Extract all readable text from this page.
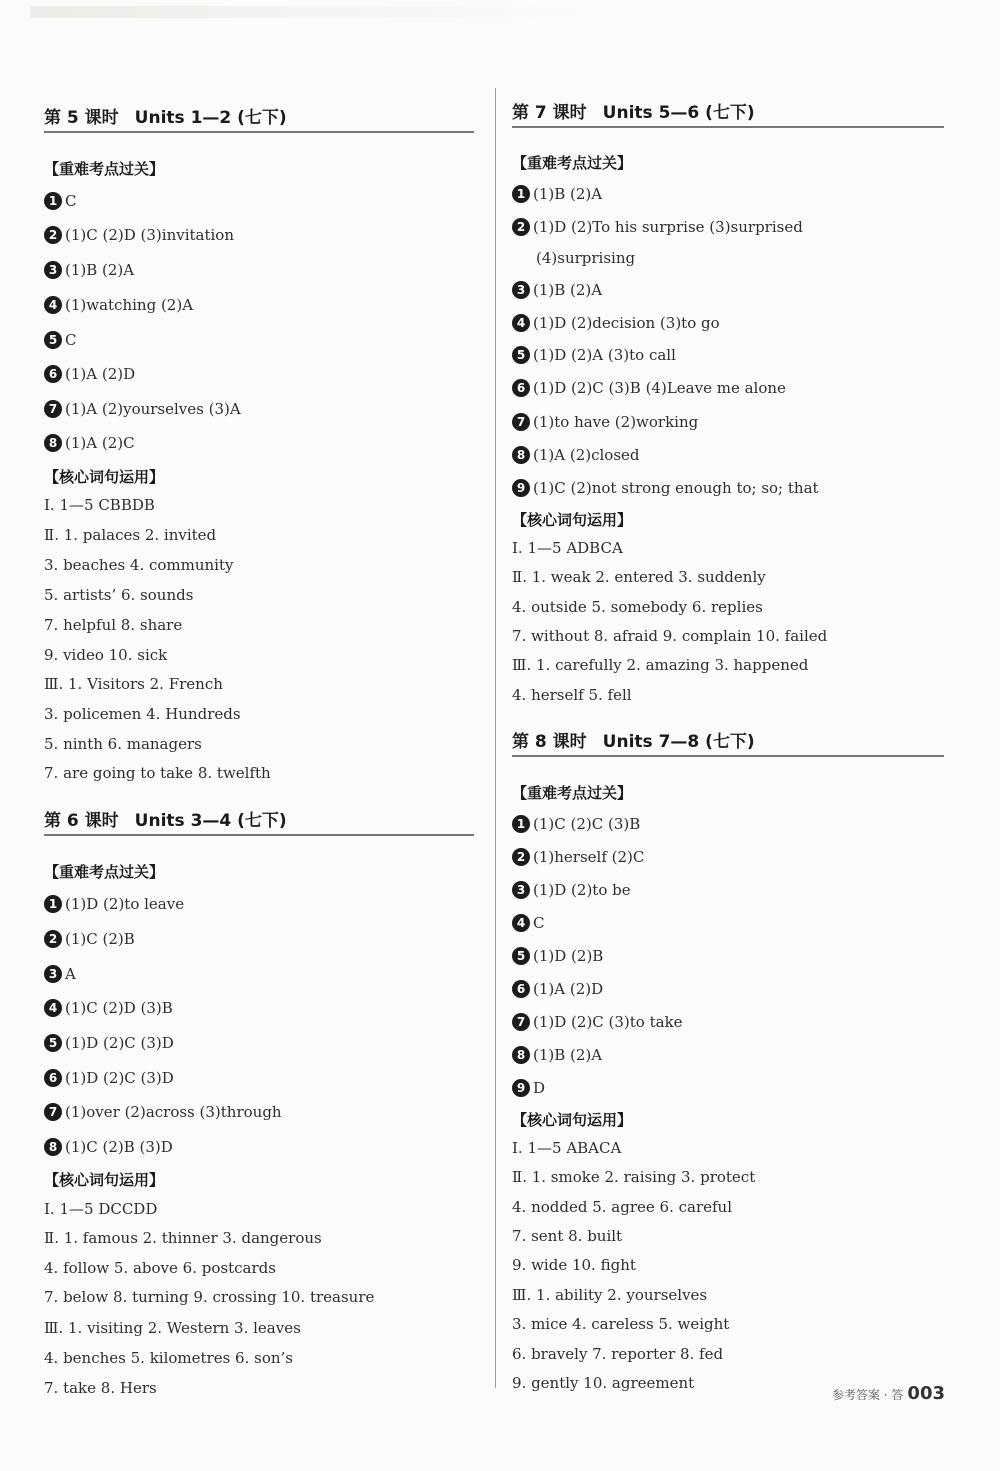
第 5 课时 Units 1—2 (七下)
【重难考点过关】
1 C
2 (1)C (2)D (3)invitation
3 (1)B (2)A
4 (1)watching (2)A
5 C
6 (1)A (2)D
7 (1)A (2)yourselves (3)A
8 (1)A (2)C
【核心词句运用】
Ⅰ. 1—5 CBBDB
Ⅱ. 1. palaces 2. invited
3. beaches 4. community
5. artists’ 6. sounds
7. helpful 8. share
9. video 10. sick
Ⅲ. 1. Visitors 2. French
3. policemen 4. Hundreds
5. ninth 6. managers
7. are going to take 8. twelfth
第 6 课时 Units 3—4 (七下)
【重难考点过关】
1 (1)D (2)to leave
2 (1)C (2)B
3 A
4 (1)C (2)D (3)B
5 (1)D (2)C (3)D
6 (1)D (2)C (3)D
7 (1)over (2)across (3)through
8 (1)C (2)B (3)D
【核心词句运用】
Ⅰ. 1—5 DCCDD
Ⅱ. 1. famous 2. thinner 3. dangerous
4. follow 5. above 6. postcards
7. below 8. turning 9. crossing 10. treasure
Ⅲ. 1. visiting 2. Western 3. leaves
4. benches 5. kilometres 6. son’s
7. take 8. Hers
第 7 课时 Units 5—6 (七下)
【重难考点过关】
1 (1)B (2)A
2 (1)D (2)To his surprise (3)surprised
(4)surprising
3 (1)B (2)A
4 (1)D (2)decision (3)to go
5 (1)D (2)A (3)to call
6 (1)D (2)C (3)B (4)Leave me alone
7 (1)to have (2)working
8 (1)A (2)closed
9 (1)C (2)not strong enough to; so; that
【核心词句运用】
Ⅰ. 1—5 ADBCA
Ⅱ. 1. weak 2. entered 3. suddenly
4. outside 5. somebody 6. replies
7. without 8. afraid 9. complain 10. failed
Ⅲ. 1. carefully 2. amazing 3. happened
4. herself 5. fell
第 8 课时 Units 7—8 (七下)
【重难考点过关】
1 (1)C (2)C (3)B
2 (1)herself (2)C
3 (1)D (2)to be
4 C
5 (1)D (2)B
6 (1)A (2)D
7 (1)D (2)C (3)to take
8 (1)B (2)A
9 D
【核心词句运用】
Ⅰ. 1—5 ABACA
Ⅱ. 1. smoke 2. raising 3. protect
4. nodded 5. agree 6. careful
7. sent 8. built
9. wide 10. fight
Ⅲ. 1. ability 2. yourselves
3. mice 4. careless 5. weight
6. bravely 7. reporter 8. fed
9. gently 10. agreement
参考答案 · 答 003
